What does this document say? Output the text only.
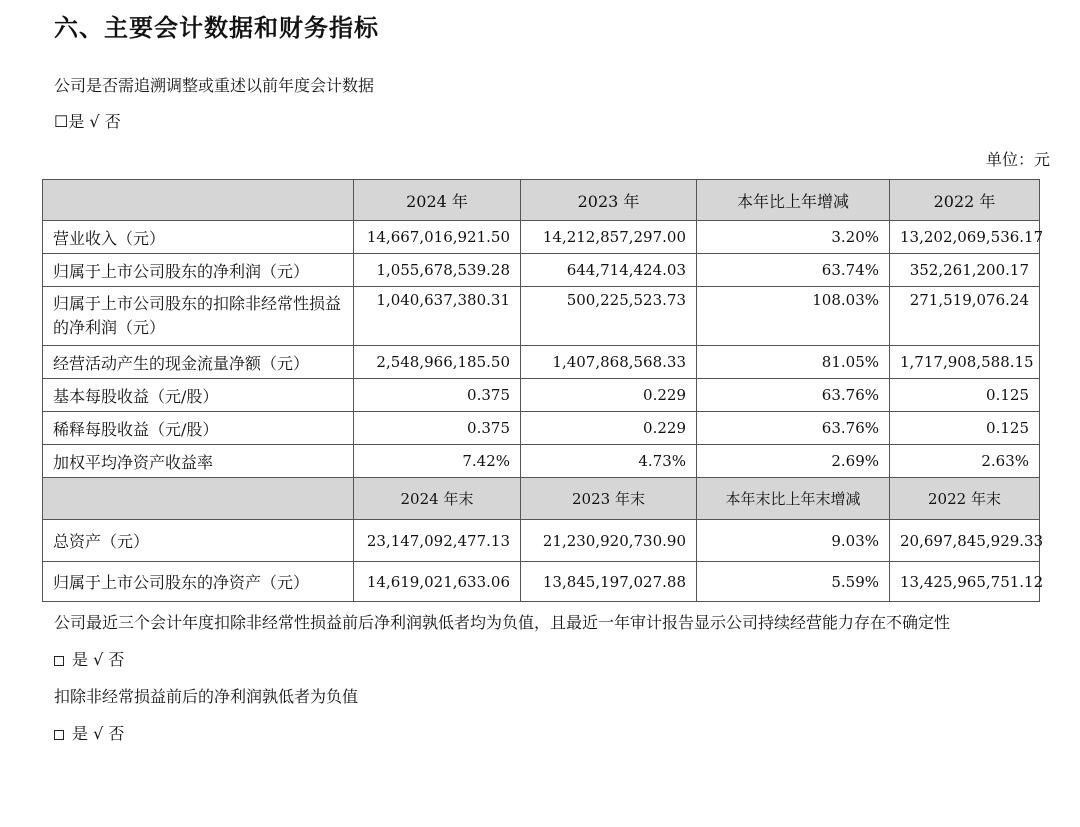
六、主要会计数据和财务指标
公司是否需追溯调整或重述以前年度会计数据
☐是 √ 否
单位：元
	2024 年	2023 年	本年比上年增减	2022 年
营业收入（元）	14,667,016,921.50	14,212,857,297.00	3.20%	13,202,069,536.17
归属于上市公司股东的净利润（元）	1,055,678,539.28	644,714,424.03	63.74%	352,261,200.17
归属于上市公司股东的扣除非经常性损益的净利润（元）	1,040,637,380.31	500,225,523.73	108.03%	271,519,076.24
经营活动产生的现金流量净额（元）	2,548,966,185.50	1,407,868,568.33	81.05%	1,717,908,588.15
基本每股收益（元/股）	0.375	0.229	63.76%	0.125
稀释每股收益（元/股）	0.375	0.229	63.76%	0.125
加权平均净资产收益率	7.42%	4.73%	2.69%	2.63%
	2024 年末	2023 年末	本年末比上年末增减	2022 年末
总资产（元）	23,147,092,477.13	21,230,920,730.90	9.03%	20,697,845,929.33
归属于上市公司股东的净资产（元）	14,619,021,633.06	13,845,197,027.88	5.59%	13,425,965,751.12
公司最近三个会计年度扣除非经常性损益前后净利润孰低者均为负值，且最近一年审计报告显示公司持续经营能力存在不确定性
是 √ 否
扣除非经常损益前后的净利润孰低者为负值
是 √ 否
